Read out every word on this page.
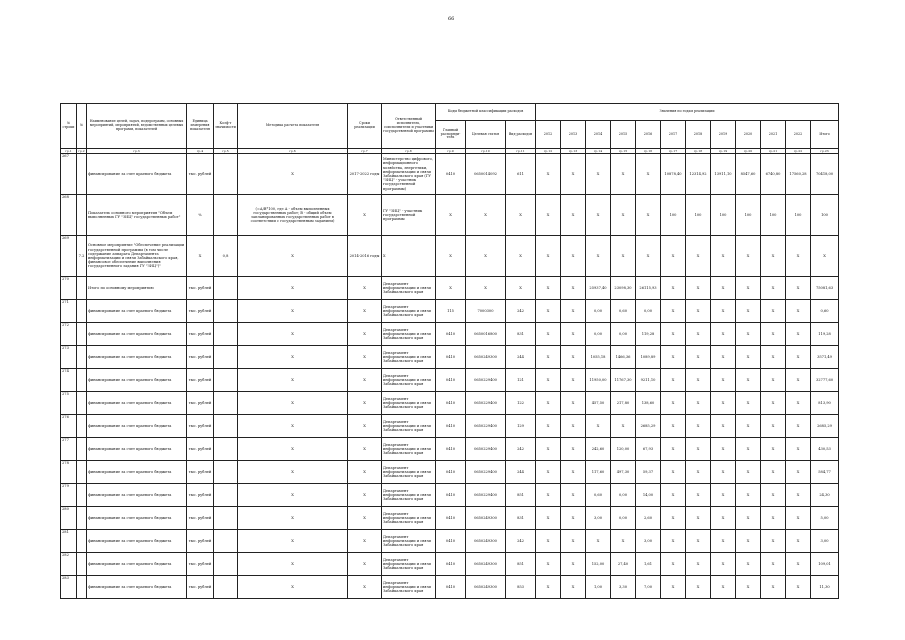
66
№ строки	№	Наименование целей, задач, подпрограмм, основных мероприятий, мероприятий, ведомственных целевых программ, показателей	Единица измерения показателя	Коэф-т значимости	Методика расчета показателя	Сроки реализации	Ответственный исполнитель, соисполнители и участники государственной программы	Коды бюджетной классификации расходов			Значения по годам реализации											
								Главный распоряди-тель	Целевая статья	Вид расходов	2012	2013	2014	2015	2016	2017	2018	2019	2020	2021	2022	Итого
гр.1	гр.2	гр.3	гр.4	гр.5	гр.6	гр.7	гр.8	гр.9	гр.10	гр.11	гр.12	гр.13	гр.14	гр.15	гр.16	гр.17	гр.18	гр.19	гр.20	гр.21	гр.22	гр.23
267		финансирование за счет краевого бюджета	тыс. рублей		Х	2017-2022 годы	Министерство цифрового, информационного хозяйства, энергетики, информатизации и связи Забайкальского края (ГУ "ЗИЦ" - участник государственной программы)	0410	0650014092	611	Х	Х	Х	Х	Х	10878,40	12314,92	13911,10	8547,60	6740,80	17560,28	70418,00
268		Показатель основного мероприятия "Объем выполненных ГУ "ЗИЦ" государственных работ"	%		(=А/В*100, где А - объем выполненных государственных работ; В - общий объем запланированных государственных работ в соответствии с государственным заданием)	Х	ГУ "ЗИЦ" - участник государственной программы	Х	Х	Х	Х	Х	Х	Х	Х	100	100	100	100	100	100	100
269	7.2	Основное мероприятие "Обеспечение реализации государственной программы (в том числе содержание аппарата Департамента информатизации и связи Забайкальского края, финансовое обеспечение выполнения государственного задания ГУ "ЗИЦ")"	Х	0,8	Х	2014-2016 годы	Х	Х	Х	Х	Х	Х	Х	Х	Х	Х	Х	Х	Х	Х	Х	Х
270		Итого по основному мероприятию	тыс. рублей		Х	Х	Департамент информатизации и связи Забайкальского края	Х	Х	Х	Х	Х	25937,40	23098,30	26115,93	Х	Х	Х	Х	Х	Х	75081,63
271		финансирование за счет краевого бюджета	тыс. рублей		Х	Х	Департамент информатизации и связи Забайкальского края	115	7000300	242	Х	Х	0,00	0,60	0,00	Х	Х	Х	Х	Х	Х	0,60
272		финансирование за счет краевого бюджета	тыс. рублей		Х	Х	Департамент информатизации и связи Забайкальского края	0410	0650016800	831	Х	Х	0,00	0,00	119,28	Х	Х	Х	Х	Х	Х	119,28
273		финансирование за счет краевого бюджета	тыс. рублей		Х	Х	Департамент информатизации и связи Забайкальского края	0410	0650249300	244	Х	Х	1055,18	1466,36	1089,89	Х	Х	Х	Х	Х	Х	3571,49
274		финансирование за счет краевого бюджета	тыс. рублей		Х	Х	Департамент информатизации и связи Забайкальского края	0410	0650229400	121	Х	Х	11950,00	11767,30	9211,10	Х	Х	Х	Х	Х	Х	32777,60
275		финансирование за счет краевого бюджета	тыс. рублей		Х	Х	Департамент информатизации и связи Забайкальского края	0410	0650229400	122	Х	Х	457,50	217,80	138,60	Х	Х	Х	Х	Х	Х	813,90
276		финансирование за счет краевого бюджета	тыс. рублей		Х	Х	Департамент информатизации и связи Забайкальского края	0410	0650229400	129	Х	Х	Х	Х	2685,29	Х	Х	Х	Х	Х	Х	2685,29
277		финансирование за счет краевого бюджета	тыс. рублей		Х	Х	Департамент информатизации и связи Забайкальского края	0410	0650229400	242	Х	Х	242,60	120,00	67,93	Х	Х	Х	Х	Х	Х	430,53
278		финансирование за счет краевого бюджета	тыс. рублей		Х	Х	Департамент информатизации и связи Забайкальского края	0410	0650229400	244	Х	Х	117,60	497,30	59,37	Х	Х	Х	Х	Х	Х	584,77
279		финансирование за счет краевого бюджета	тыс. рублей		Х	Х	Департамент информатизации и связи Забайкальского края	0410	0650229400	851	Х	Х	0,60	0,00	14,00	Х	Х	Х	Х	Х	Х	24,30
280		финансирование за счет краевого бюджета	тыс. рублей		Х	Х	Департамент информатизации и связи Забайкальского края	0410	0650249300	831	Х	Х	3,00	0,00	2,60	Х	Х	Х	Х	Х	Х	5,00
281		финансирование за счет краевого бюджета	тыс. рублей		Х	Х	Департамент информатизации и связи Забайкальского края	0410	0650249300	242	Х	Х	Х	Х	3,00	Х	Х	Х	Х	Х	Х	3,00
282		финансирование за счет краевого бюджета	тыс. рублей		Х	Х	Департамент информатизации и связи Забайкальского края	0410	0650249300	851	Х	Х	152,00	27,40	1,61	Х	Х	Х	Х	Х	Х	109,01
283		финансирование за счет краевого бюджета	тыс. рублей		Х	Х	Департамент информатизации и связи Забайкальского края	0410	0650249300	853	Х	Х	1,00	3,30	7,00	Х	Х	Х	Х	Х	Х	11,30
